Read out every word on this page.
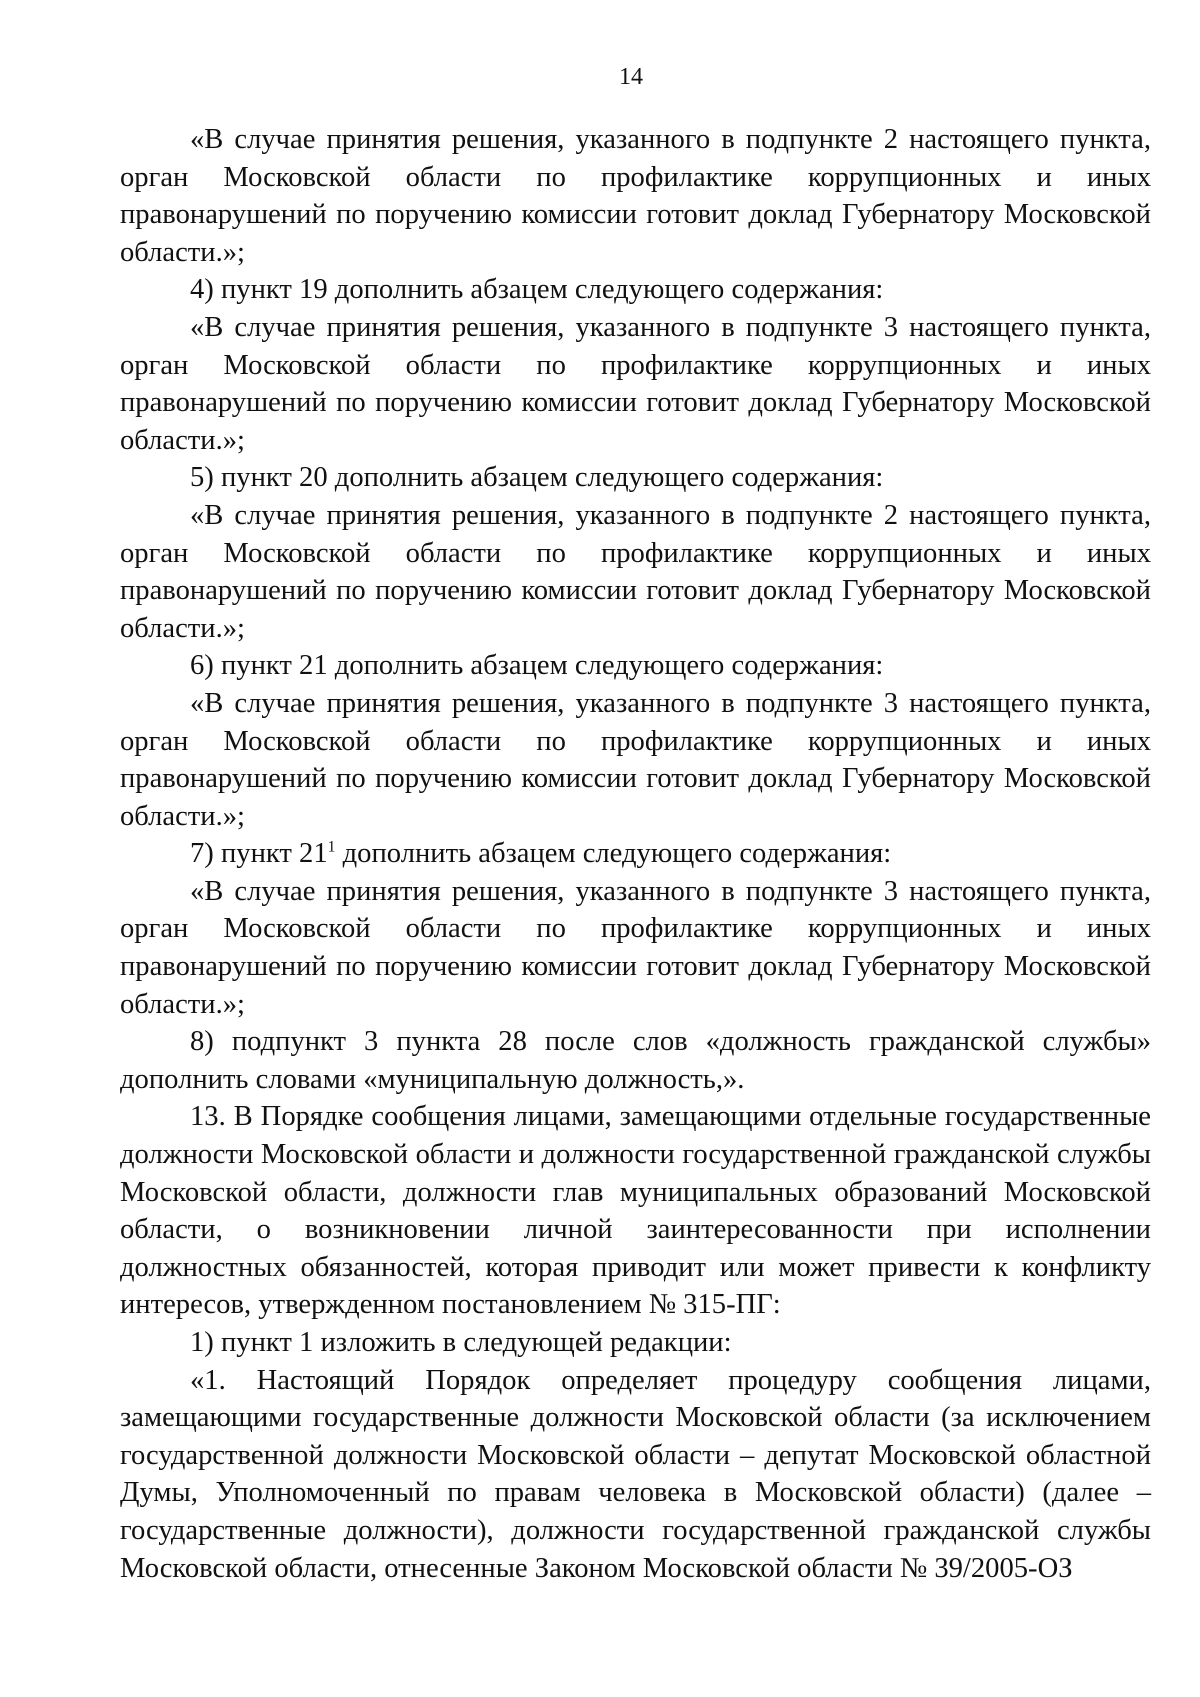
14

«В случае принятия решения, указанного в подпункте 2 настоящего пункта, орган Московской области по профилактике коррупционных и иных правонарушений по поручению комиссии готовит доклад Губернатору Московской области.»;

4) пункт 19 дополнить абзацем следующего содержания:

«В случае принятия решения, указанного в подпункте 3 настоящего пункта, орган Московской области по профилактике коррупционных и иных правонарушений по поручению комиссии готовит доклад Губернатору Московской области.»;

5) пункт 20 дополнить абзацем следующего содержания:

«В случае принятия решения, указанного в подпункте 2 настоящего пункта, орган Московской области по профилактике коррупционных и иных правонарушений по поручению комиссии готовит доклад Губернатору Московской области.»;

6) пункт 21 дополнить абзацем следующего содержания:

«В случае принятия решения, указанного в подпункте 3 настоящего пункта, орган Московской области по профилактике коррупционных и иных правонарушений по поручению комиссии готовит доклад Губернатору Московской области.»;

7) пункт $21^1$ дополнить абзацем следующего содержания:

«В случае принятия решения, указанного в подпункте 3 настоящего пункта, орган Московской области по профилактике коррупционных и иных правонарушений по поручению комиссии готовит доклад Губернатору Московской области.»;

8) подпункт 3 пункта 28 после слов «должность гражданской службы» дополнить словами «муниципальную должность,».

13. В Порядке сообщения лицами, замещающими отдельные государственные должности Московской области и должности государственной гражданской службы Московской области, должности глав муниципальных образований Московской области, о возникновении личной заинтересованности при исполнении должностных обязанностей, которая приводит или может привести к конфликту интересов, утвержденном постановлением № 315-ПГ:

1) пункт 1 изложить в следующей редакции:

«1. Настоящий Порядок определяет процедуру сообщения лицами, замещающими государственные должности Московской области (за исключением государственной должности Московской области – депутат Московской областной Думы, Уполномоченный по правам человека в Московской области) (далее – государственные должности), должности государственной гражданской службы Московской области, отнесенные Законом Московской области № 39/2005-ОЗ
